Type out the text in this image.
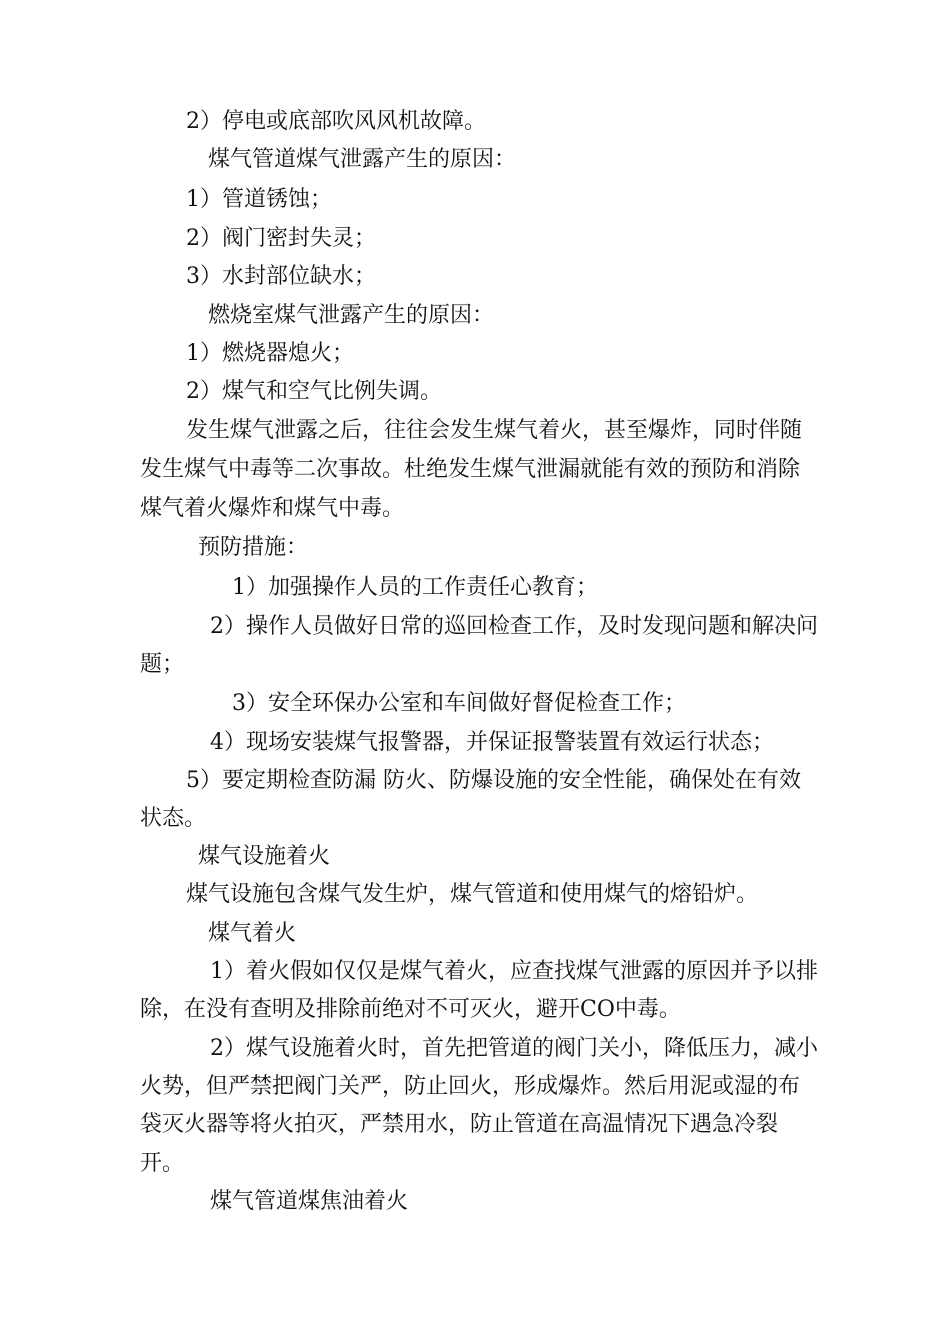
2）停电或底部吹风风机故障。

煤气管道煤气泄露产生的原因：

1）管道锈蚀；

2）阀门密封失灵；

3）水封部位缺水；

燃烧室煤气泄露产生的原因：

1）燃烧器熄火；

2）煤气和空气比例失调。

发生煤气泄露之后，往往会发生煤气着火，甚至爆炸，同时伴随

发生煤气中毒等二次事故。杜绝发生煤气泄漏就能有效的预防和消除

煤气着火爆炸和煤气中毒。

预防措施：

1）加强操作人员的工作责任心教育；

2）操作人员做好日常的巡回检查工作，及时发现问题和解决问

题；

3）安全环保办公室和车间做好督促检查工作；

4）现场安装煤气报警器，并保证报警装置有效运行状态；

5）要定期检查防漏 防火、防爆设施的安全性能，确保处在有效

状态。

煤气设施着火

煤气设施包含煤气发生炉，煤气管道和使用煤气的熔铅炉。

煤气着火

1）着火假如仅仅是煤气着火，应查找煤气泄露的原因并予以排

除，在没有查明及排除前绝对不可灭火，避开CO中毒。

2）煤气设施着火时，首先把管道的阀门关小，降低压力，减小

火势，但严禁把阀门关严，防止回火，形成爆炸。然后用泥或湿的布

袋灭火器等将火拍灭，严禁用水，防止管道在高温情况下遇急冷裂

开。

煤气管道煤焦油着火
